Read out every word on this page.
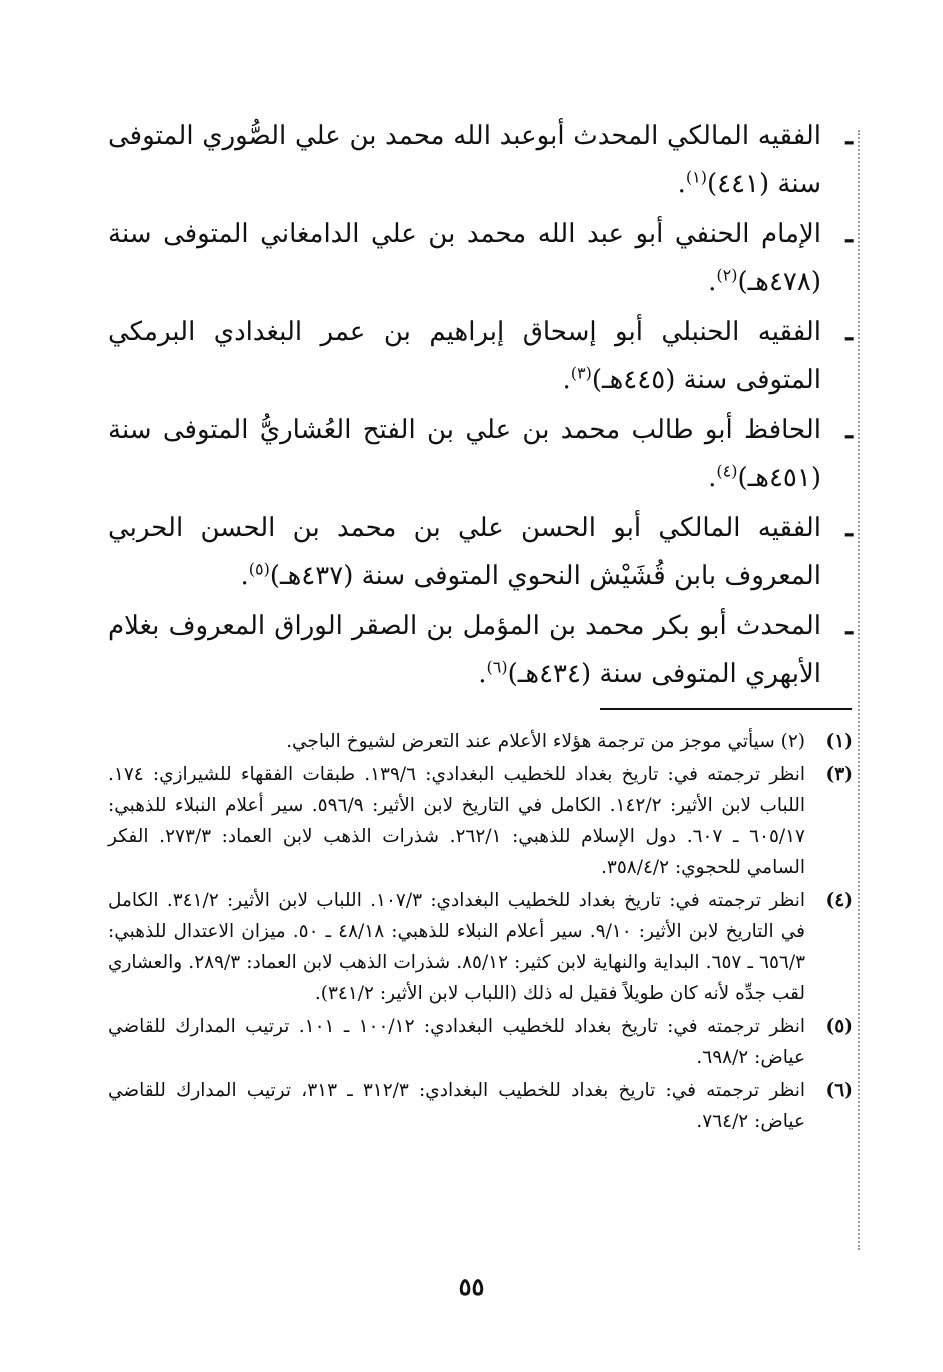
ـ
الفقيه المالكي المحدث أبوعبد الله محمد بن علي الصُّوري المتوفى سنة (٤٤١)$^{(١)}$.
ـ
الإمام الحنفي أبو عبد الله محمد بن علي الدامغاني المتوفى سنة (٤٧٨هـ)$^{(٢)}$.
ـ
الفقيه الحنبلي أبو إسحاق إبراهيم بن عمر البغدادي البرمكي المتوفى سنة (٤٤٥هـ)$^{(٣)}$.
ـ
الحافظ أبو طالب محمد بن علي بن الفتح العُشاريُّ المتوفى سنة (٤٥١هـ)$^{(٤)}$.
ـ
الفقيه المالكي أبو الحسن علي بن محمد بن الحسن الحربي المعروف بابن قُشَيْش النحوي المتوفى سنة (٤٣٧هـ)$^{(٥)}$.
ـ
المحدث أبو بكر محمد بن المؤمل بن الصقر الوراق المعروف بغلام الأبهري المتوفى سنة (٤٣٤هـ)$^{(٦)}$.
(١)
(٢) سيأتي موجز من ترجمة هؤلاء الأعلام عند التعرض لشيوخ الباجي.
(٣)
انظر ترجمته في: تاريخ بغداد للخطيب البغدادي: ١٣٩/٦. طبقات الفقهاء للشيرازي: ١٧٤. اللباب لابن الأثير: ١٤٢/٢. الكامل في التاريخ لابن الأثير: ٥٩٦/٩. سير أعلام النبلاء للذهبي: ٦٠٥/١٧ ـ ٦٠٧. دول الإسلام للذهبي: ٢٦٢/١. شذرات الذهب لابن العماد: ٢٧٣/٣. الفكر السامي للحجوي: ٣٥٨/٤/٢.
(٤)
انظر ترجمته في: تاريخ بغداد للخطيب البغدادي: ١٠٧/٣. اللباب لابن الأثير: ٣٤١/٢. الكامل في التاريخ لابن الأثير: ٩/١٠. سير أعلام النبلاء للذهبي: ٤٨/١٨ ـ ٥٠. ميزان الاعتدال للذهبي: ٦٥٦/٣ ـ ٦٥٧. البداية والنهاية لابن كثير: ٨٥/١٢. شذرات الذهب لابن العماد: ٢٨٩/٣. والعشاري لقب جدِّه لأنه كان طويلاً فقيل له ذلك (اللباب لابن الأثير: ٣٤١/٢).
(٥)
انظر ترجمته في: تاريخ بغداد للخطيب البغدادي: ١٠٠/١٢ ـ ١٠١. ترتيب المدارك للقاضي عياض: ٦٩٨/٢.
(٦)
انظر ترجمته في: تاريخ بغداد للخطيب البغدادي: ٣١٢/٣ ـ ٣١٣، ترتيب المدارك للقاضي عياض: ٧٦٤/٢.
٥٥
